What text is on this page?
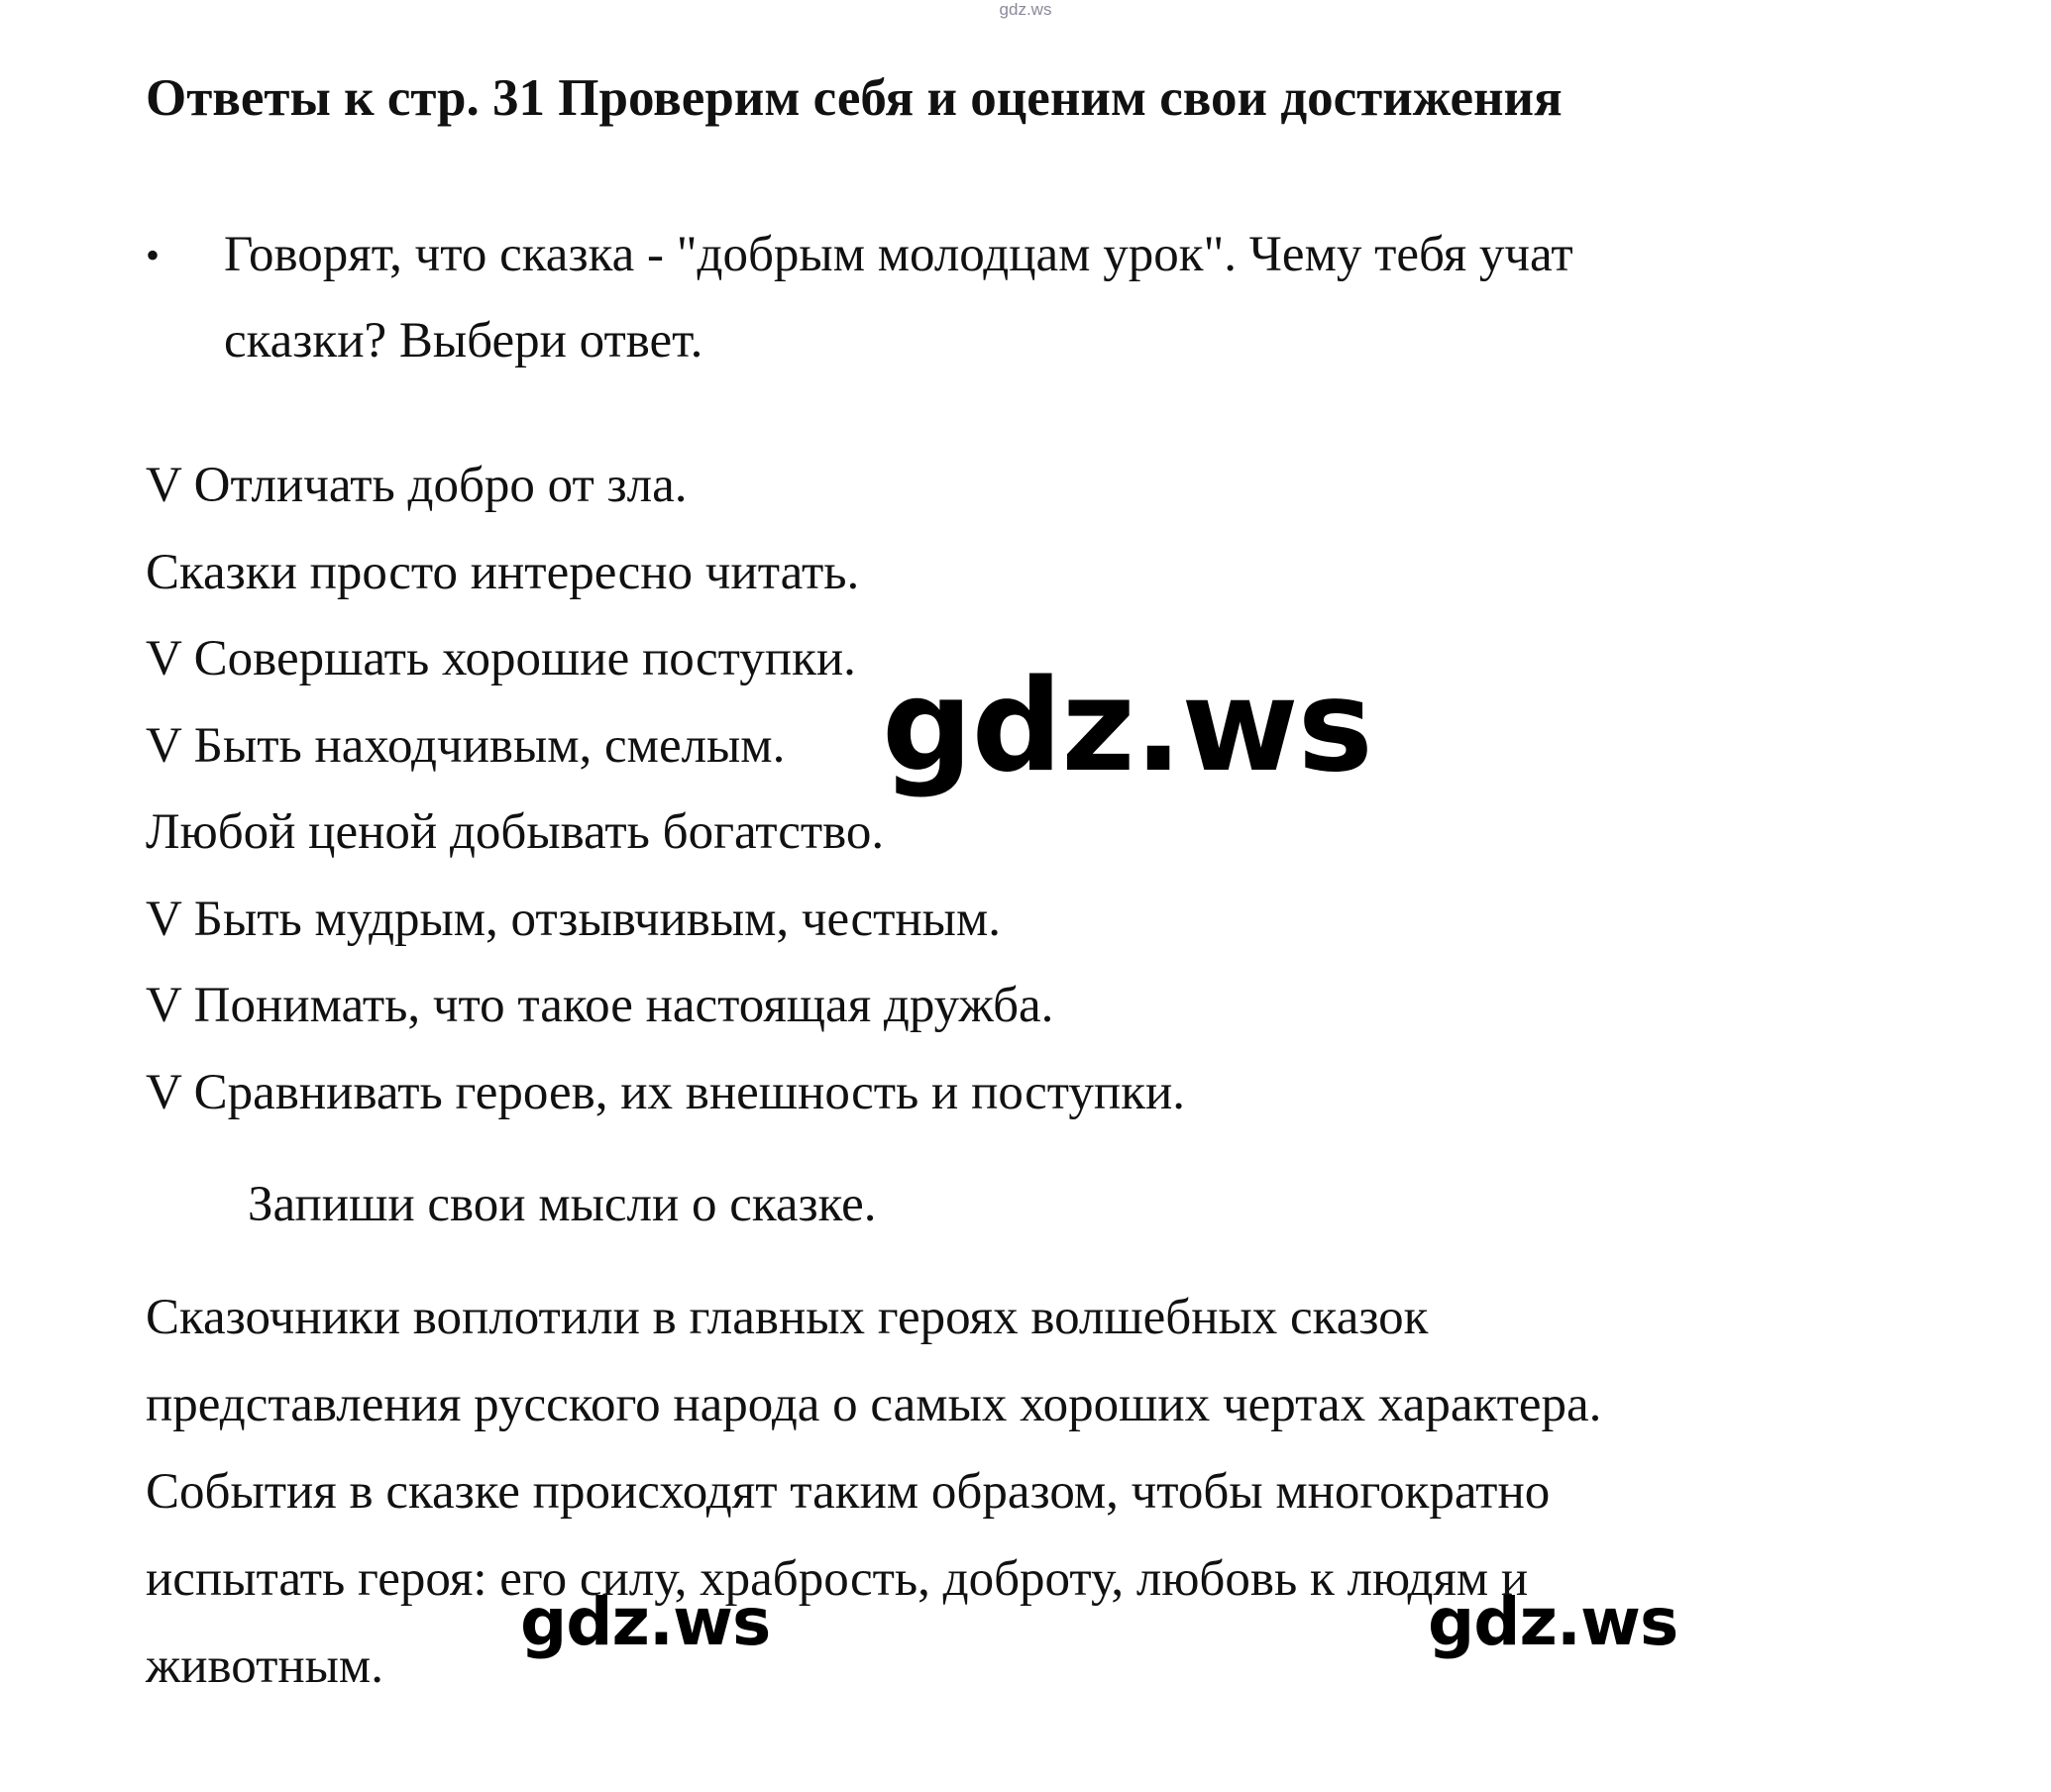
gdz.ws
Ответы к стр. 31 Проверим себя и оценим свои достижения
• Говорят, что сказка - "добрым молодцам урок". Чему тебя учат
сказки? Выбери ответ.
V Отличать добро от зла.
Сказки просто интересно читать.
V Совершать хорошие поступки.
V Быть находчивым, смелым.
Любой ценой добывать богатство.
V Быть мудрым, отзывчивым, честным.
V Понимать, что такое настоящая дружба.
V Сравнивать героев, их внешность и поступки.
Запиши свои мысли о сказке.
Сказочники воплотили в главных героях волшебных сказок
представления русского народа о самых хороших чертах характера.
События в сказке происходят таким образом, чтобы многократно
испытать героя: его силу, храбрость, доброту, любовь к людям и
животным.
gdz.ws
gdz.ws	gdz.ws
